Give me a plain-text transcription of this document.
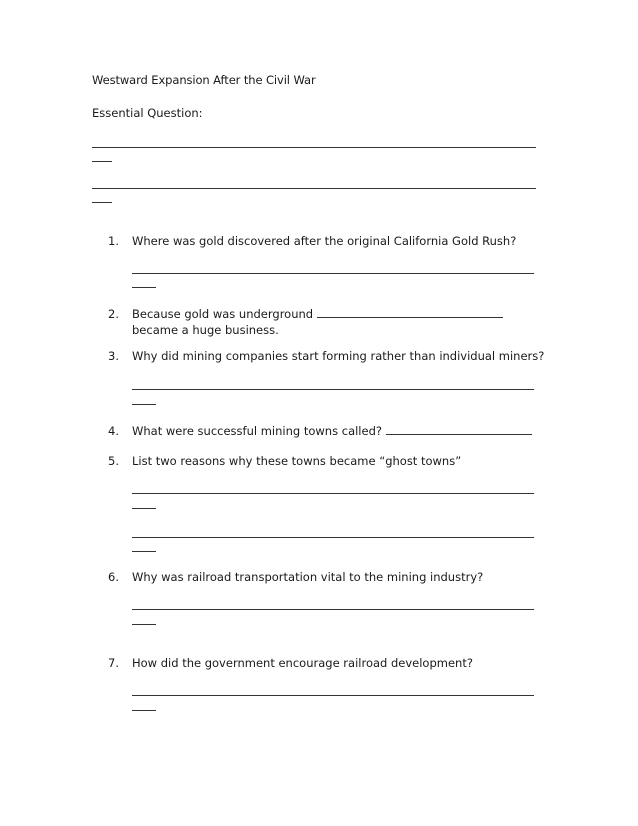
Westward Expansion After the Civil War
Essential Question:
1. Where was gold discovered after the original California Gold Rush?
2. Because gold was underground
became a huge business.
3. Why did mining companies start forming rather than individual miners?
4. What were successful mining towns called?
5. List two reasons why these towns became “ghost towns”
6. Why was railroad transportation vital to the mining industry?
7. How did the government encourage railroad development?
